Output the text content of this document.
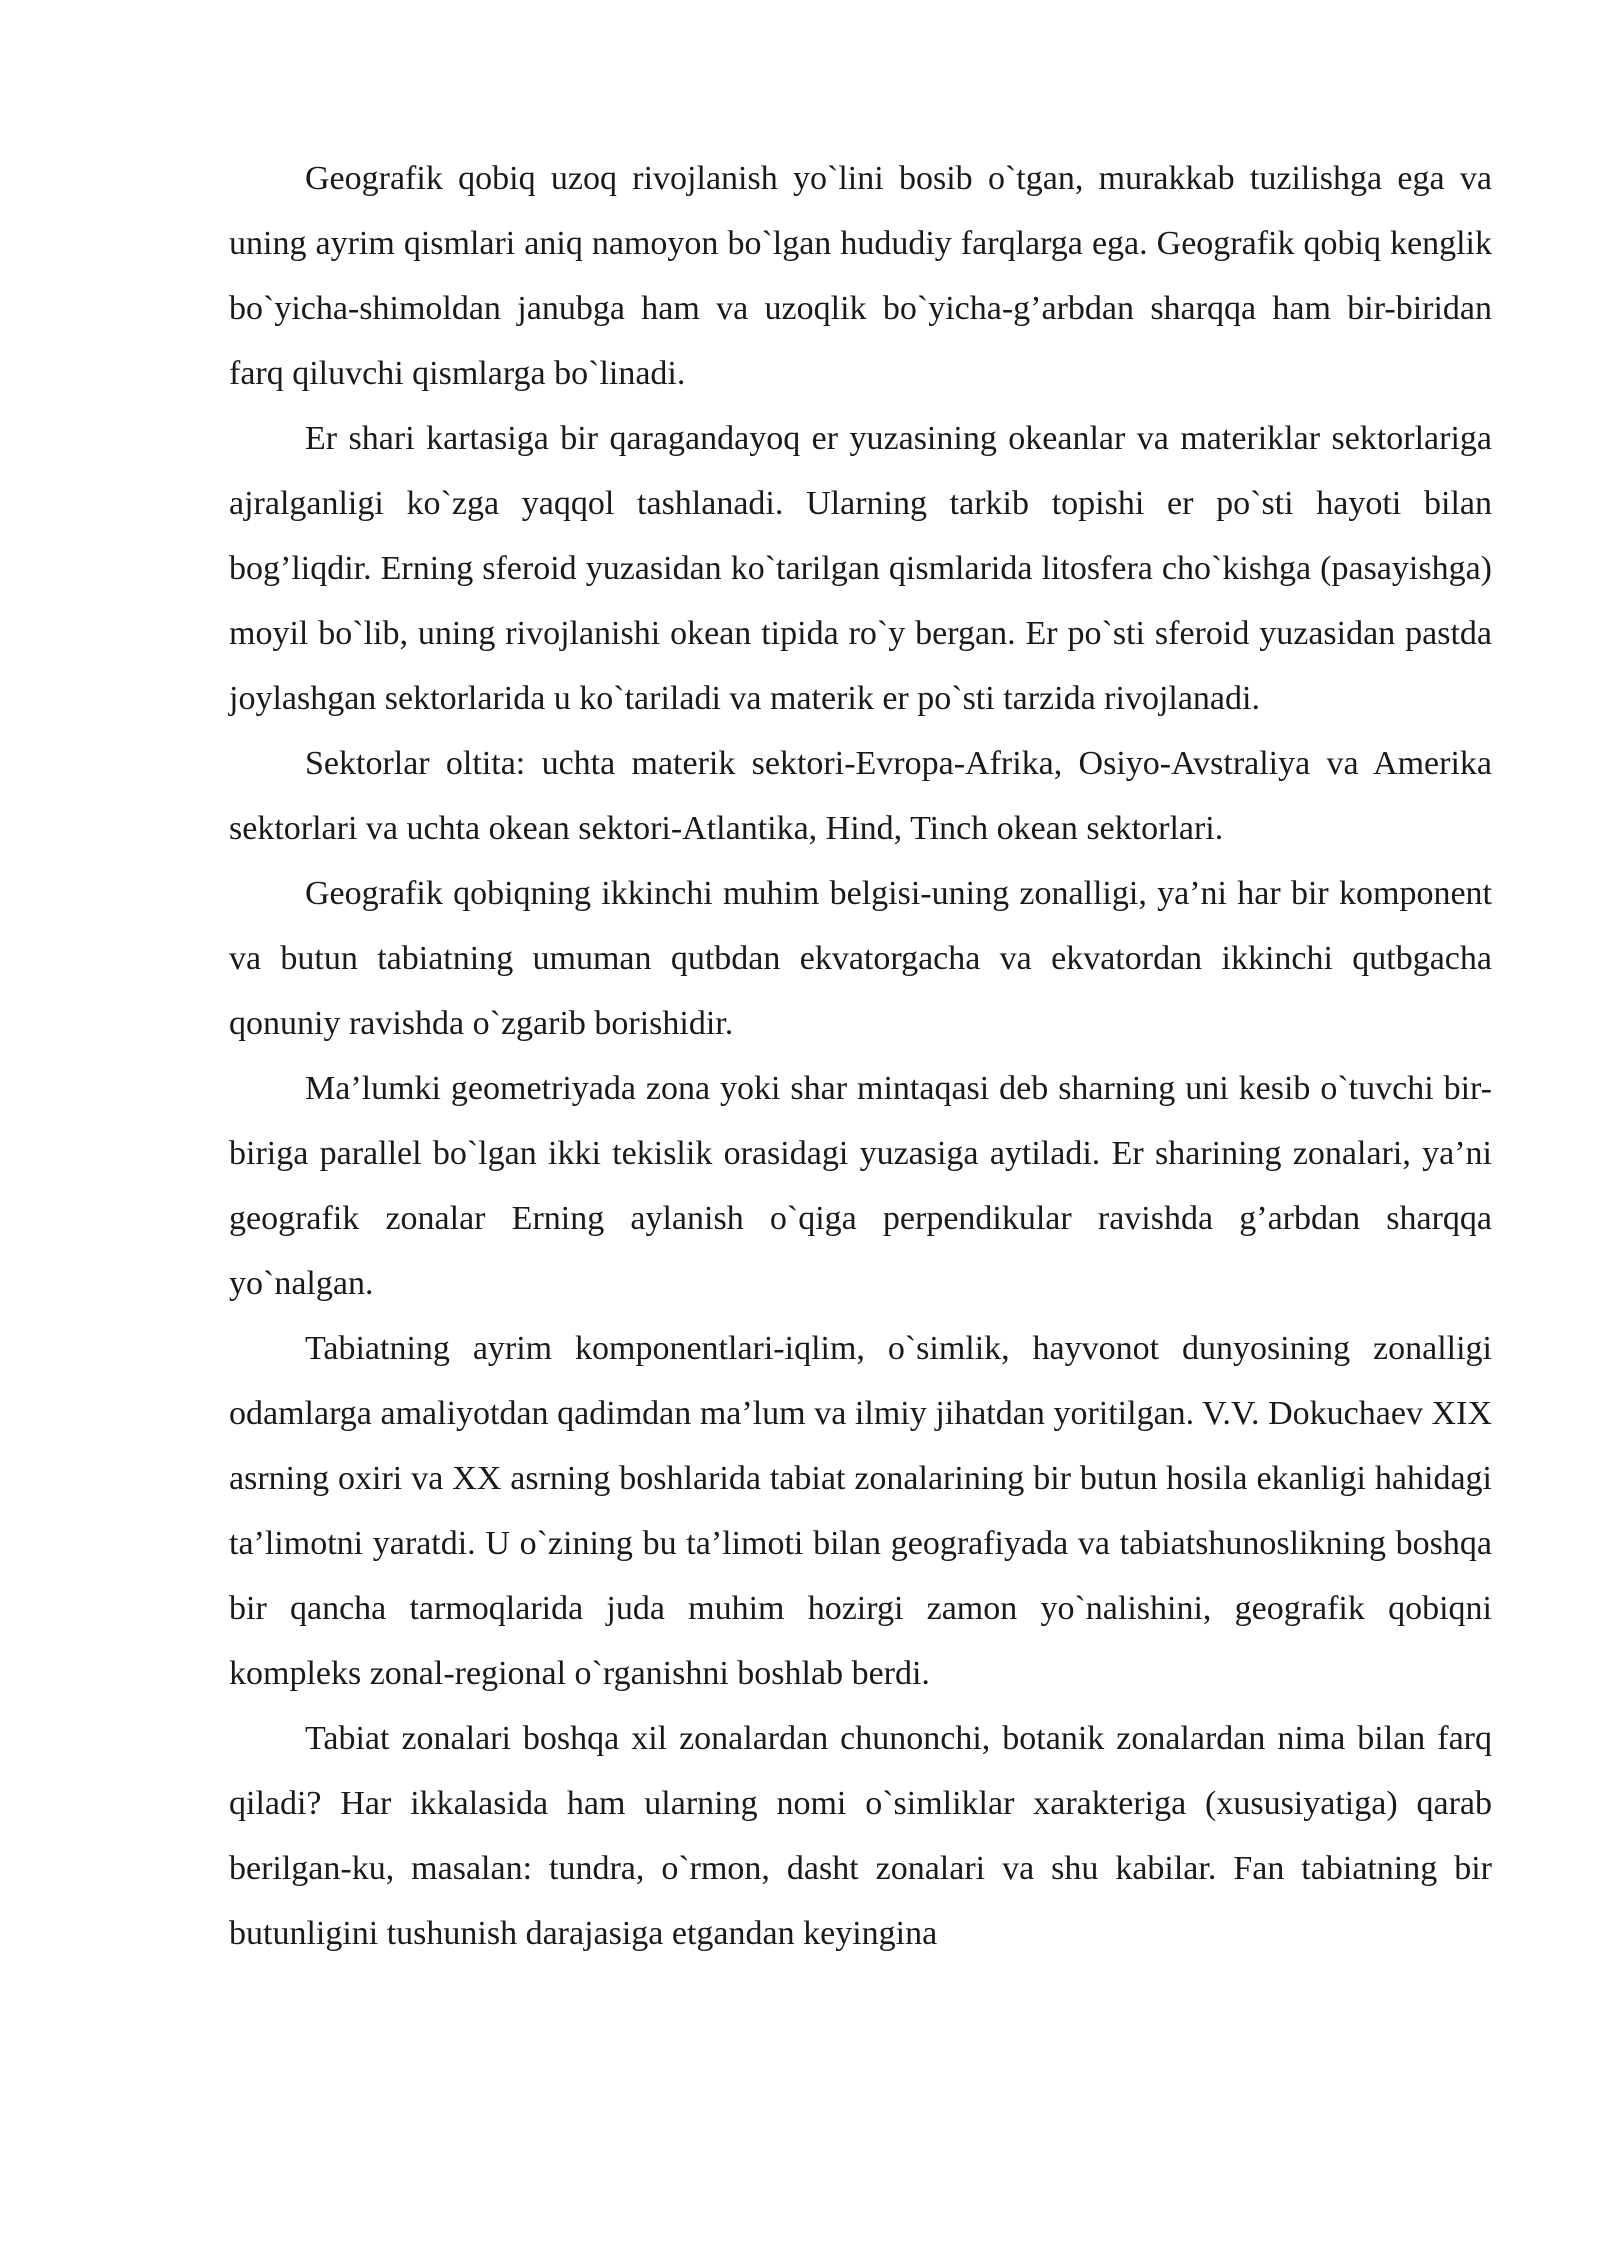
Geografik qobiq uzoq rivojlanish yo`lini bosib o`tgan, murakkab tuzilishga ega va uning ayrim qismlari aniq namoyon bo`lgan hududiy farqlarga ega. Geografik qobiq kenglik bo`yicha-shimoldan janubga ham va uzoqlik bo`yicha-g’arbdan sharqqa ham bir-biridan farq qiluvchi qismlarga bo`linadi.

Er shari kartasiga bir qaragandayoq er yuzasining okeanlar va materiklar sektorlariga ajralganligi ko`zga yaqqol tashlanadi. Ularning tarkib topishi er po`sti hayoti bilan bog’liqdir. Erning sferoid yuzasidan ko`tarilgan qismlarida litosfera cho`kishga (pasayishga) moyil bo`lib, uning rivojlanishi okean tipida ro`y bergan. Er po`sti sferoid yuzasidan pastda joylashgan sektorlarida u ko`tariladi va materik er po`sti tarzida rivojlanadi.

Sektorlar oltita: uchta materik sektori-Evropa-Afrika, Osiyo-Avstraliya va Amerika sektorlari va uchta okean sektori-Atlantika, Hind, Tinch okean sektorlari.

Geografik qobiqning ikkinchi muhim belgisi-uning zonalligi, ya’ni har bir komponent va butun tabiatning umuman qutbdan ekvatorgacha va ekvatordan ikkinchi qutbgacha qonuniy ravishda o`zgarib borishidir.

Ma’lumki geometriyada zona yoki shar mintaqasi deb sharning uni kesib o`tuvchi bir-biriga parallel bo`lgan ikki tekislik orasidagi yuzasiga aytiladi. Er sharining zonalari, ya’ni geografik zonalar Erning aylanish o`qiga perpendikular ravishda g’arbdan sharqqa yo`nalgan.

Tabiatning ayrim komponentlari-iqlim, o`simlik, hayvonot dunyosining zonalligi odamlarga amaliyotdan qadimdan ma’lum va ilmiy jihatdan yoritilgan. V.V. Dokuchaev XIX asrning oxiri va XX asrning boshlarida tabiat zonalarining bir butun hosila ekanligi hahidagi ta’limotni yaratdi. U o`zining bu ta’limoti bilan geografiyada va tabiatshunoslikning boshqa bir qancha tarmoqlarida juda muhim hozirgi zamon yo`nalishini, geografik qobiqni kompleks zonal-regional o`rganishni boshlab berdi.

Tabiat zonalari boshqa xil zonalardan chunonchi, botanik zonalardan nima bilan farq qiladi? Har ikkalasida ham ularning nomi o`simliklar xarakteriga (xususiyatiga) qarab berilgan-ku, masalan: tundra, o`rmon, dasht zonalari va shu kabilar. Fan tabiatning bir butunligini tushunish darajasiga etgandan keyingina
